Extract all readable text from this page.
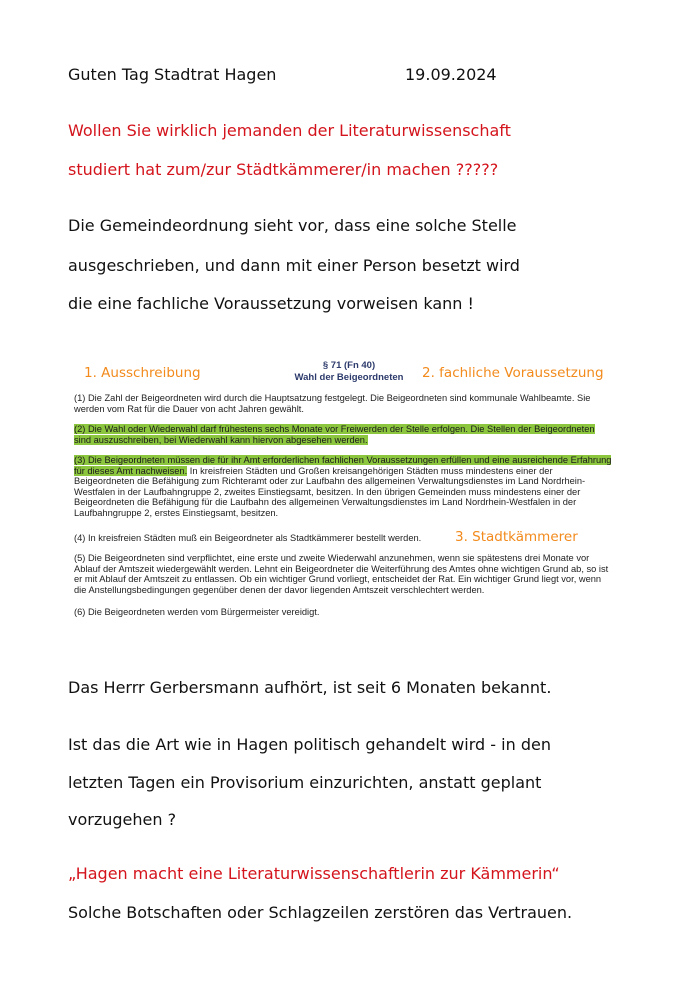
Guten Tag Stadtrat Hagen	19.09.2024
Wollen Sie wirklich jemanden der Literaturwissenschaft
studiert hat zum/zur Städtkämmerer/in machen ?????
Die Gemeindeordnung sieht vor, dass eine solche Stelle
ausgeschrieben, und dann mit einer Person besetzt wird
die eine fachliche Voraussetzung vorweisen kann !
1. Ausschreibung	§ 71 (Fn 40)
Wahl der Beigeordneten 2. fachliche Voraussetzung
(1) Die Zahl der Beigeordneten wird durch die Hauptsatzung festgelegt. Die Beigeordneten sind kommunale Wahlbeamte. Sie werden vom Rat für die Dauer von acht Jahren gewählt.
(2) Die Wahl oder Wiederwahl darf frühestens sechs Monate vor Freiwerden der Stelle erfolgen. Die Stellen der Beigeordneten sind auszuschreiben, bei Wiederwahl kann hiervon abgesehen werden.
(3) Die Beigeordneten müssen die für ihr Amt erforderlichen fachlichen Voraussetzungen erfüllen und eine ausreichende Erfahrung für dieses Amt nachweisen. In kreisfreien Städten und Großen kreisangehörigen Städten muss mindestens einer der Beigeordneten die Befähigung zum Richteramt oder zur Laufbahn des allgemeinen Verwaltungsdienstes im Land Nordrhein-Westfalen in der Laufbahngruppe 2, zweites Einstiegsamt, besitzen. In den übrigen Gemeinden muss mindestens einer der Beigeordneten die Befähigung für die Laufbahn des allgemeinen Verwaltungsdienstes im Land Nordrhein-Westfalen in der Laufbahngruppe 2, erstes Einstiegsamt, besitzen.
(4) In kreisfreien Städten muß ein Beigeordneter als Stadtkämmerer bestellt werden.	3. Stadtkämmerer
(5) Die Beigeordneten sind verpflichtet, eine erste und zweite Wiederwahl anzunehmen, wenn sie spätestens drei Monate vor Ablauf der Amtszeit wiedergewählt werden. Lehnt ein Beigeordneter die Weiterführung des Amtes ohne wichtigen Grund ab, so ist er mit Ablauf der Amtszeit zu entlassen. Ob ein wichtiger Grund vorliegt, entscheidet der Rat. Ein wichtiger Grund liegt vor, wenn die Anstellungsbedingungen gegenüber denen der davor liegenden Amtszeit verschlechtert werden.
(6) Die Beigeordneten werden vom Bürgermeister vereidigt.
Das Herrr Gerbersmann aufhört, ist seit 6 Monaten bekannt.
Ist das die Art wie in Hagen politisch gehandelt wird - in den
letzten Tagen ein Provisorium einzurichten, anstatt geplant
vorzugehen ?
„Hagen macht eine Literaturwissenschaftlerin zur Kämmerin“
Solche Botschaften oder Schlagzeilen zerstören das Vertrauen.
